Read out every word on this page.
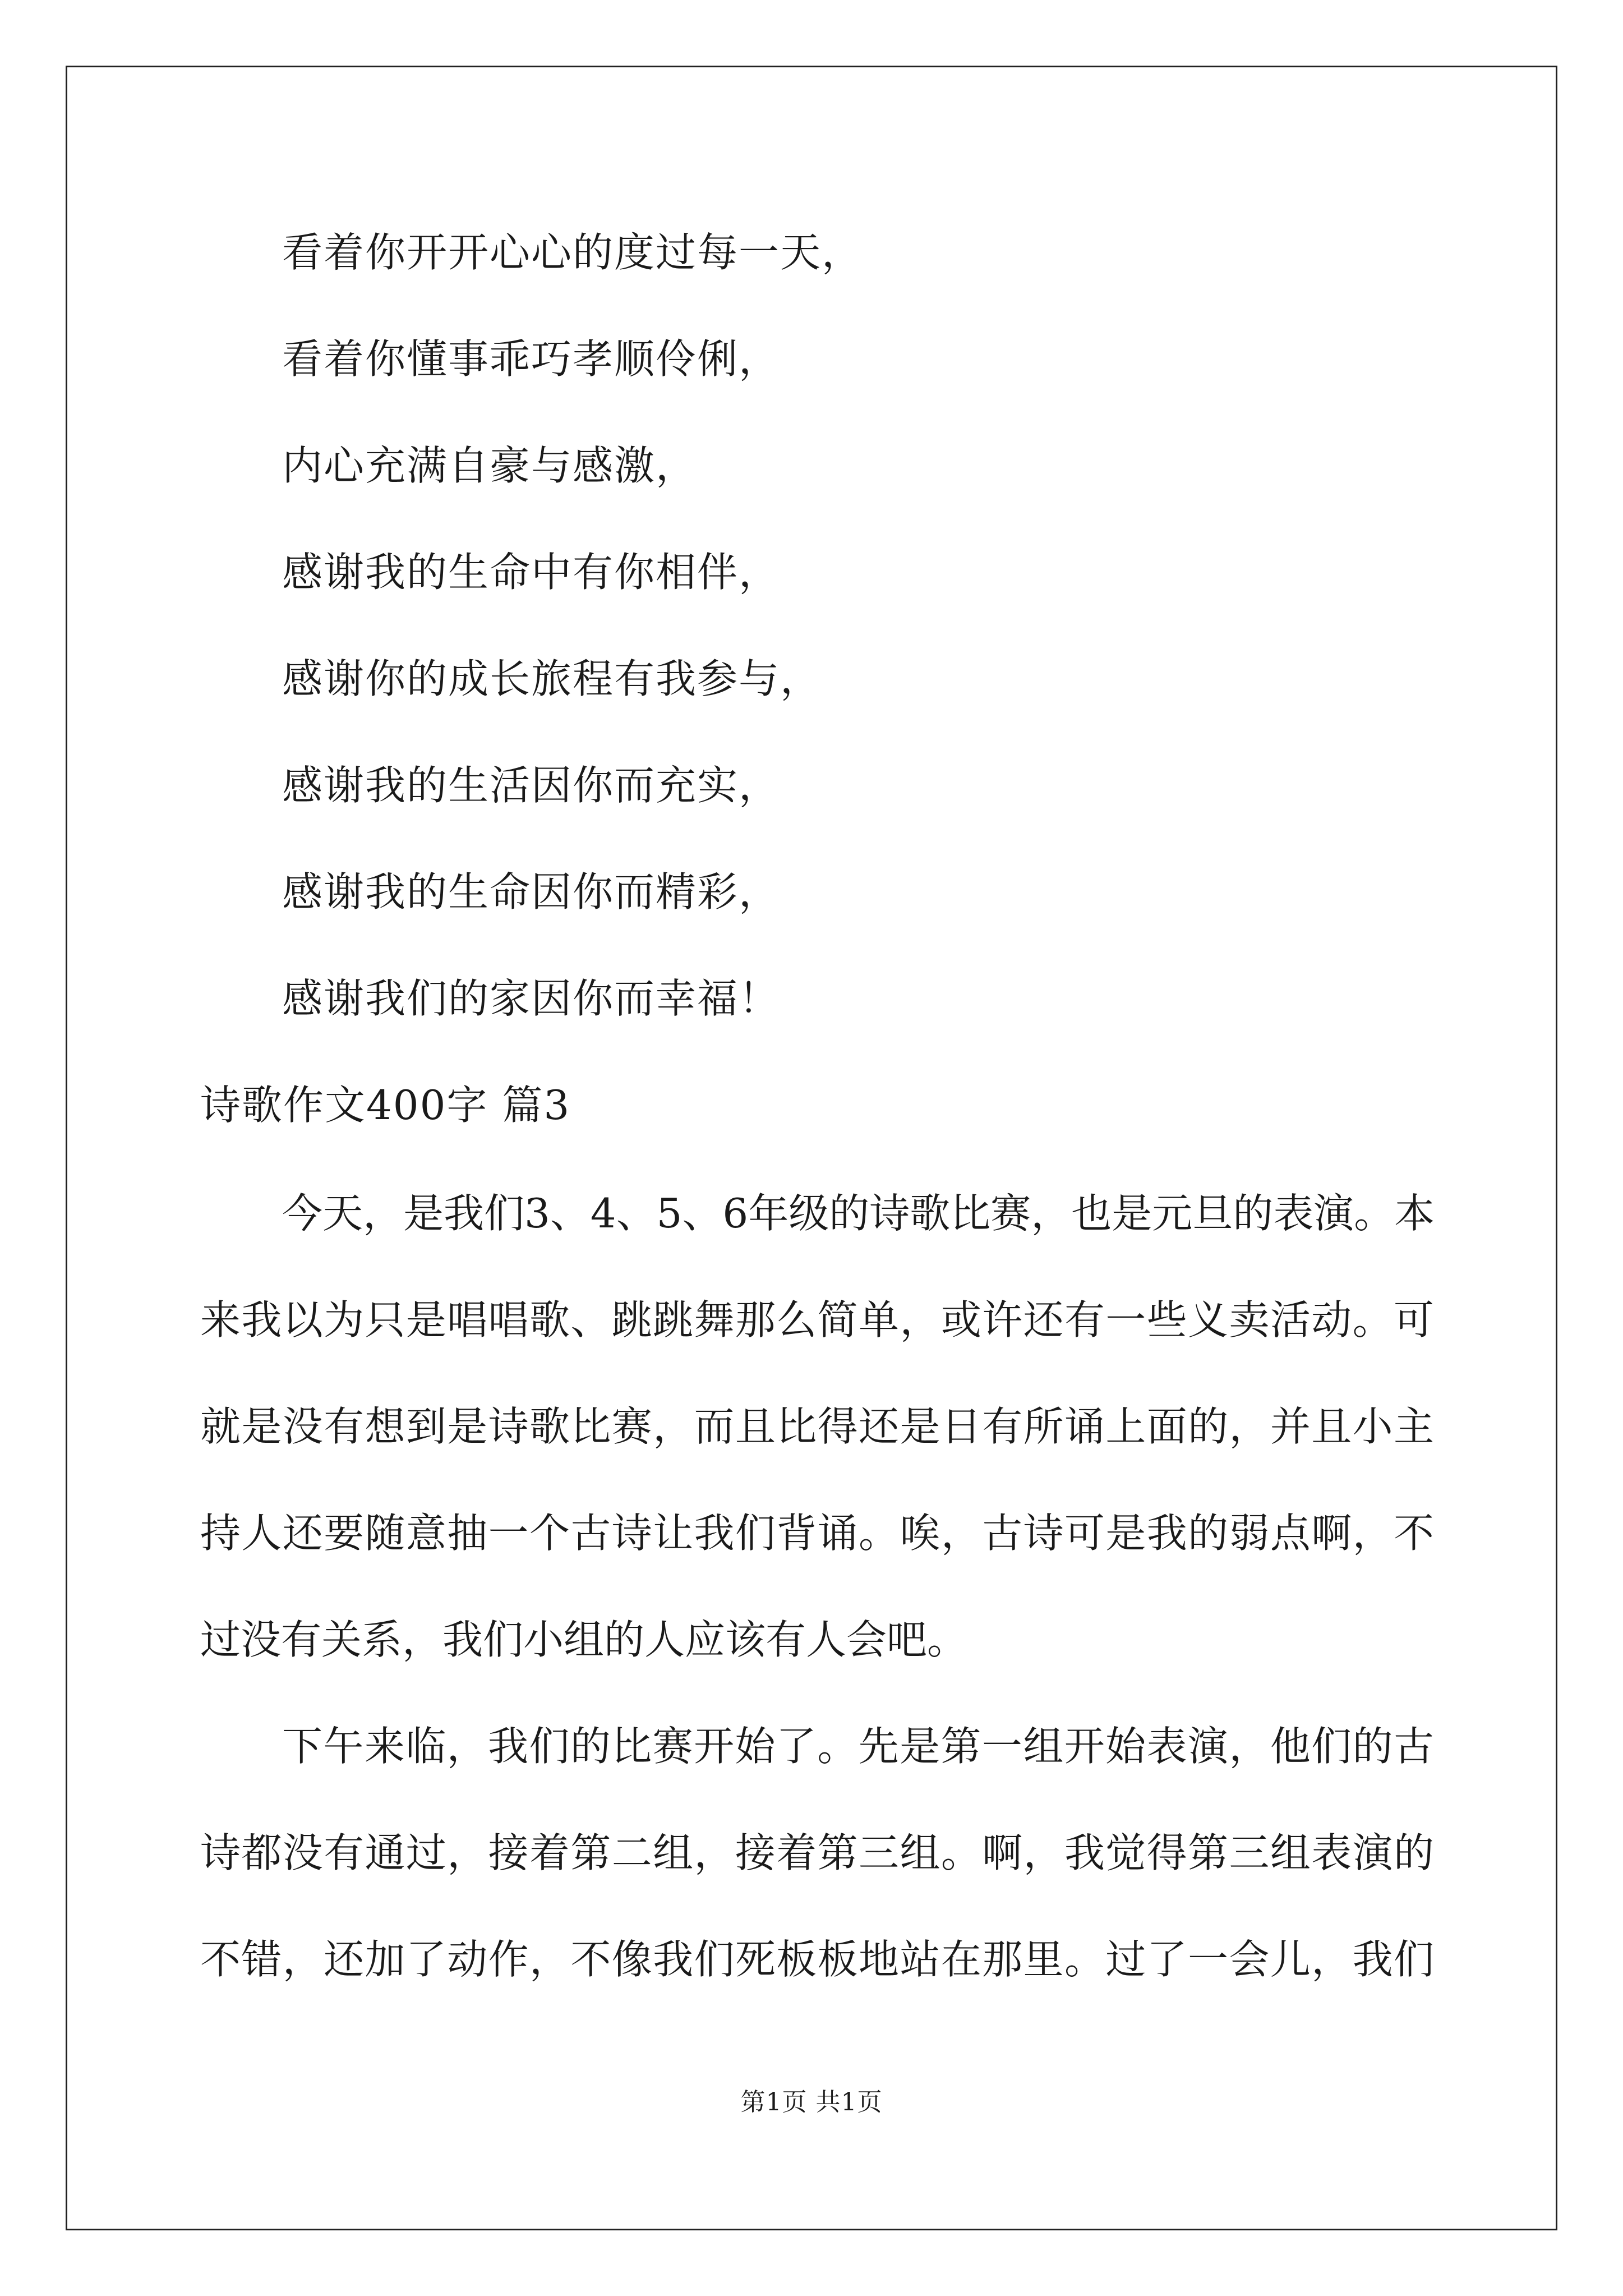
看着你开开心心的度过每一天，
看着你懂事乖巧孝顺伶俐，
内心充满自豪与感激，
感谢我的生命中有你相伴，
感谢你的成长旅程有我参与，
感谢我的生活因你而充实，
感谢我的生命因你而精彩，
感谢我们的家因你而幸福！
诗歌作文400字 篇3
今天，是我们3、4、5、6年级的诗歌比赛，也是元旦的表演。本
来我以为只是唱唱歌、跳跳舞那么简单，或许还有一些义卖活动。可
就是没有想到是诗歌比赛，而且比得还是日有所诵上面的，并且小主
持人还要随意抽一个古诗让我们背诵。唉，古诗可是我的弱点啊，不
过没有关系，我们小组的人应该有人会吧。
下午来临，我们的比赛开始了。先是第一组开始表演，他们的古
诗都没有通过，接着第二组，接着第三组。啊，我觉得第三组表演的
不错，还加了动作，不像我们死板板地站在那里。过了一会儿，我们
第1页 共1页
